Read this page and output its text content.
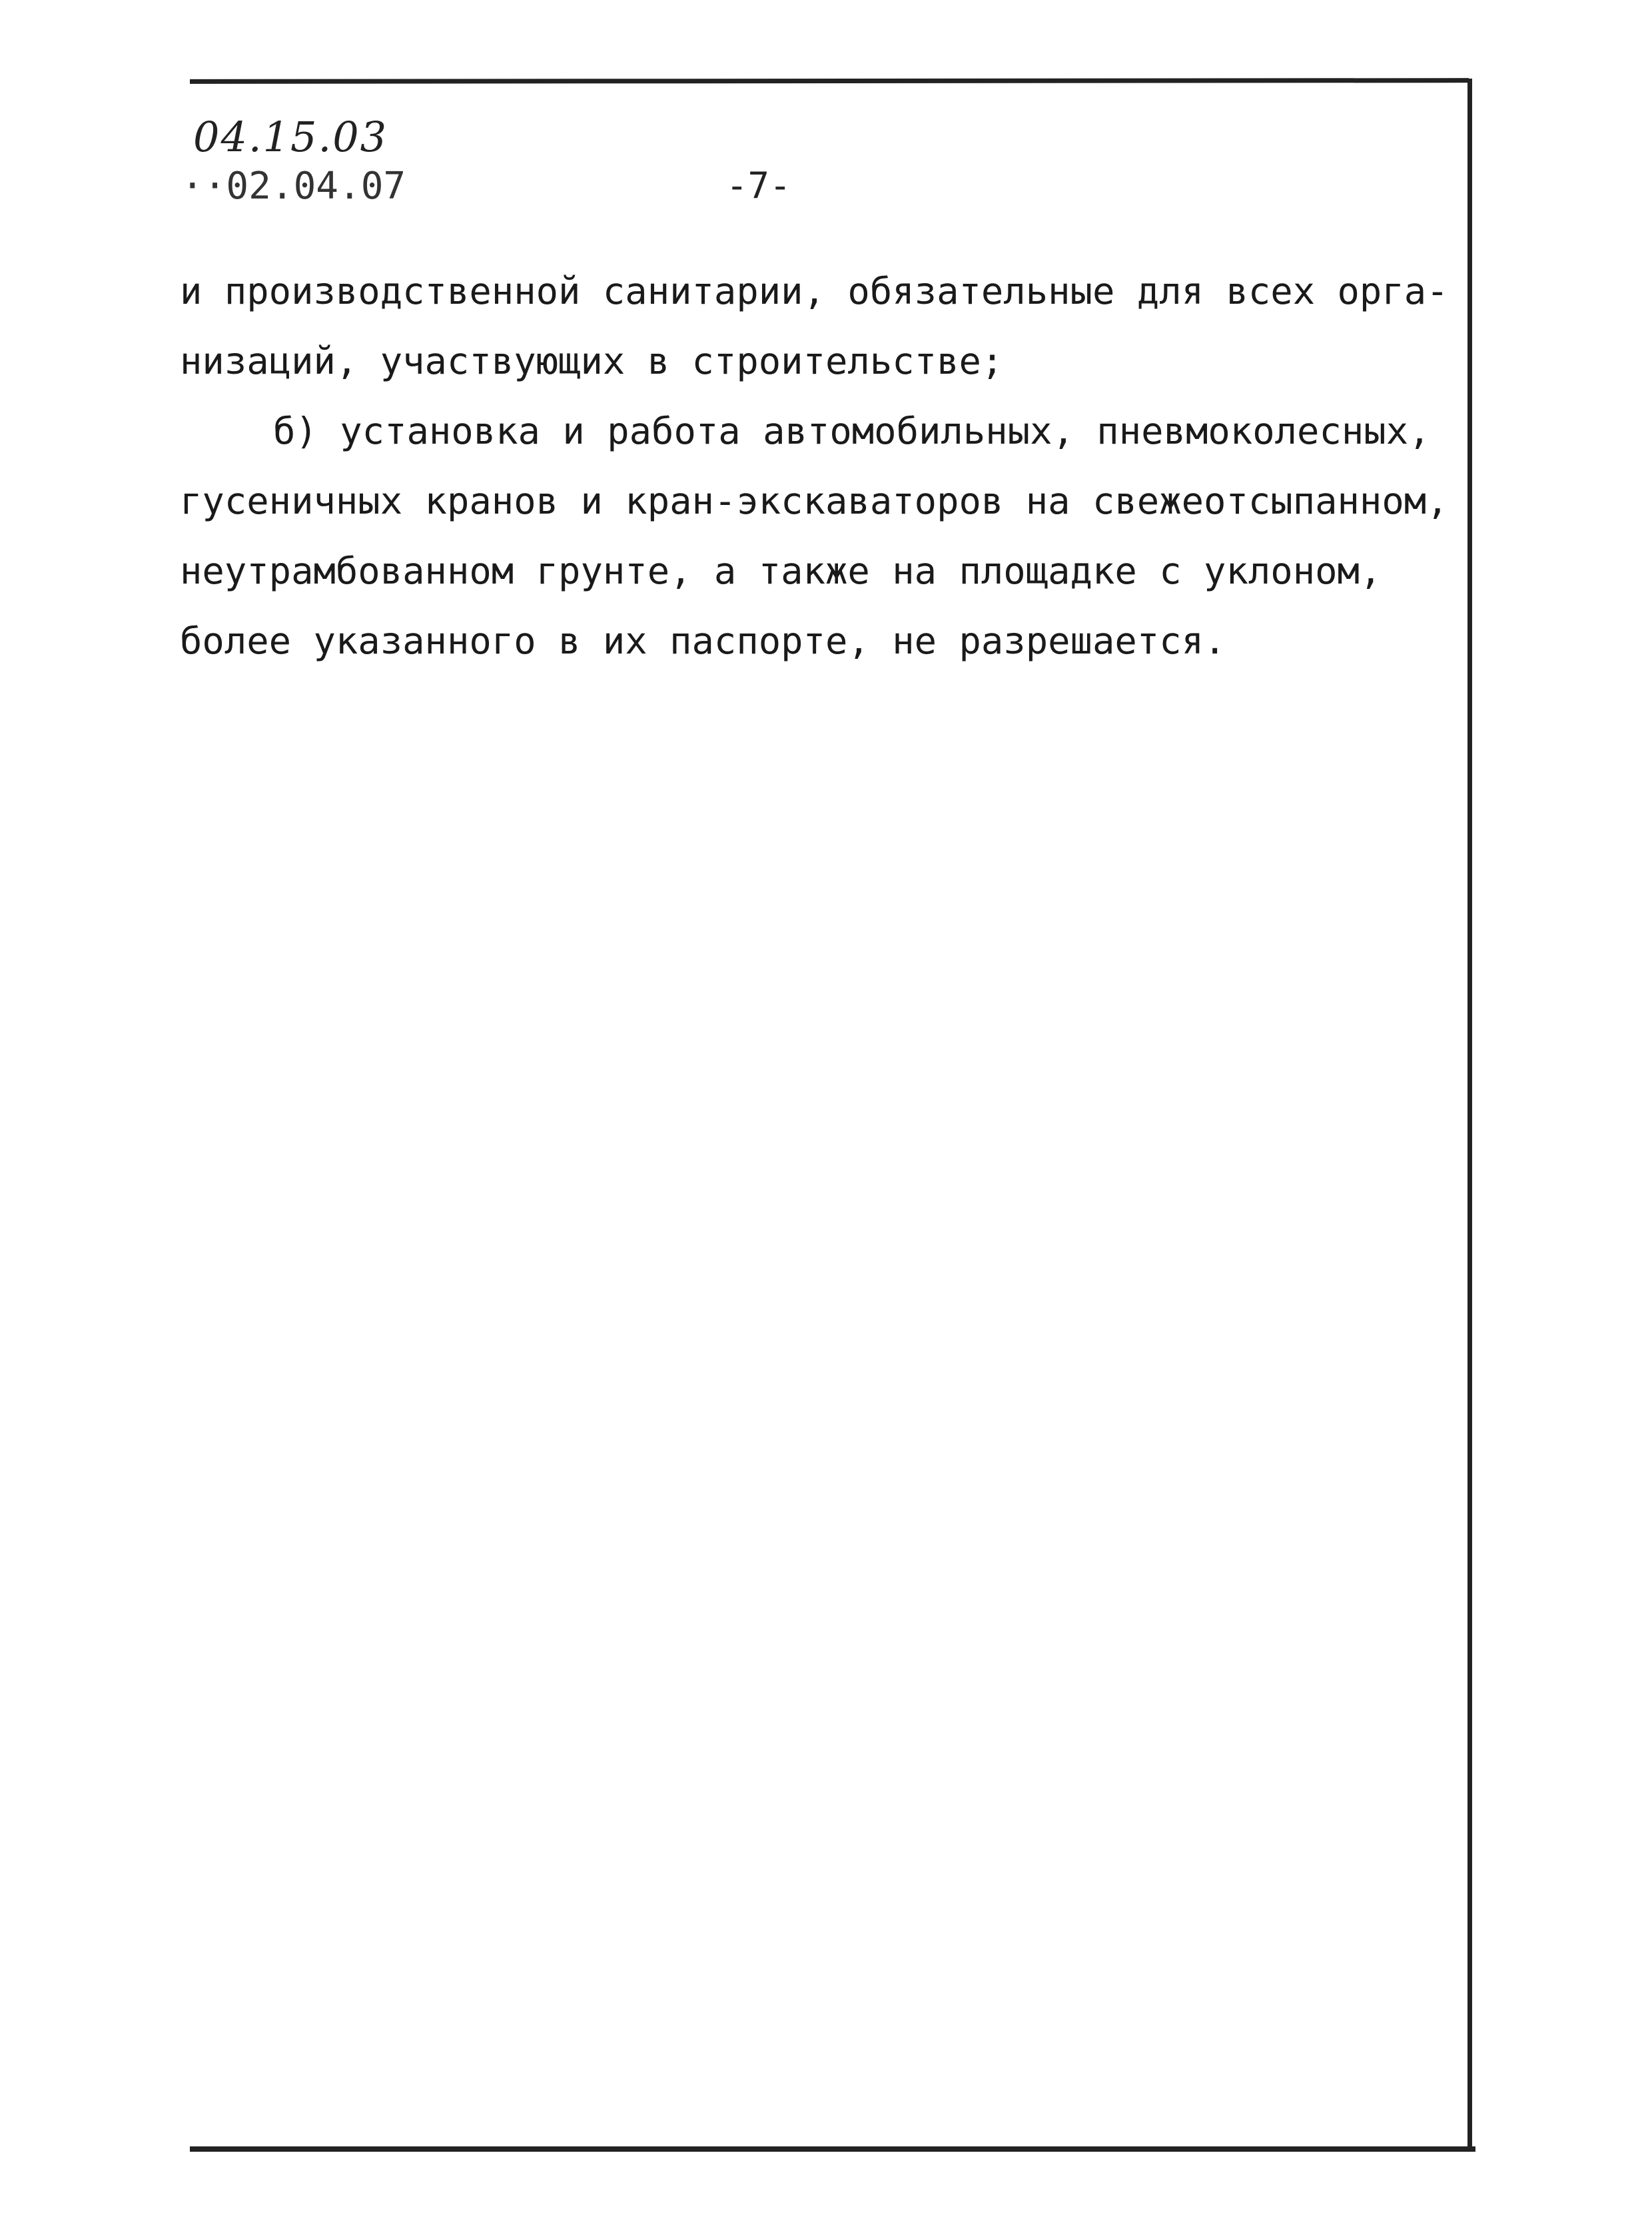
04.15.03
··02.04.07	-7-
и производственной санитарии, обязательные для всех орга-
низаций, участвующих в строительстве;
б) установка и работа автомобильных, пневмоколесных,
гусеничных кранов и кран-экскаваторов на свежеотсыпанном,
неутрамбованном грунте, а также на площадке с уклоном,
более указанного в их паспорте, не разрешается.
